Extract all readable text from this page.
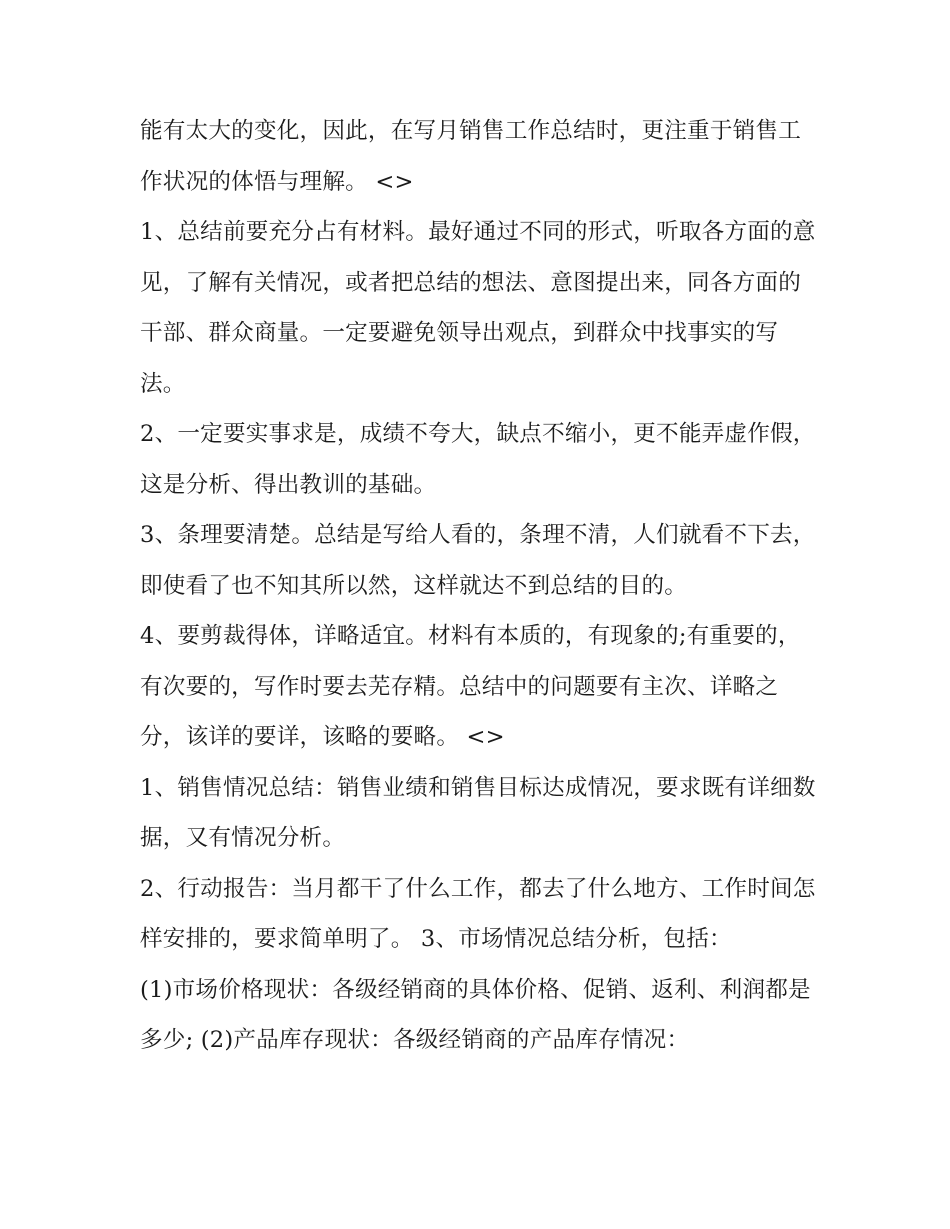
能有太大的变化，因此，在写月销售工作总结时，更注重于销售工作状况的体悟与理解。 <>

1、总结前要充分占有材料。最好通过不同的形式，听取各方面的意见，了解有关情况，或者把总结的想法、意图提出来，同各方面的干部、群众商量。一定要避免领导出观点，到群众中找事实的写法。

2、一定要实事求是，成绩不夸大，缺点不缩小，更不能弄虚作假，这是分析、得出教训的基础。

3、条理要清楚。总结是写给人看的，条理不清，人们就看不下去，即使看了也不知其所以然，这样就达不到总结的目的。

4、要剪裁得体，详略适宜。材料有本质的，有现象的;有重要的，有次要的，写作时要去芜存精。总结中的问题要有主次、详略之分，该详的要详，该略的要略。 <>

1、销售情况总结：销售业绩和销售目标达成情况，要求既有详细数据，又有情况分析。

2、行动报告：当月都干了什么工作，都去了什么地方、工作时间怎样安排的，要求简单明了。 3、市场情况总结分析，包括：

(1)市场价格现状：各级经销商的具体价格、促销、返利、利润都是多少; (2)产品库存现状：各级经销商的产品库存情况：
